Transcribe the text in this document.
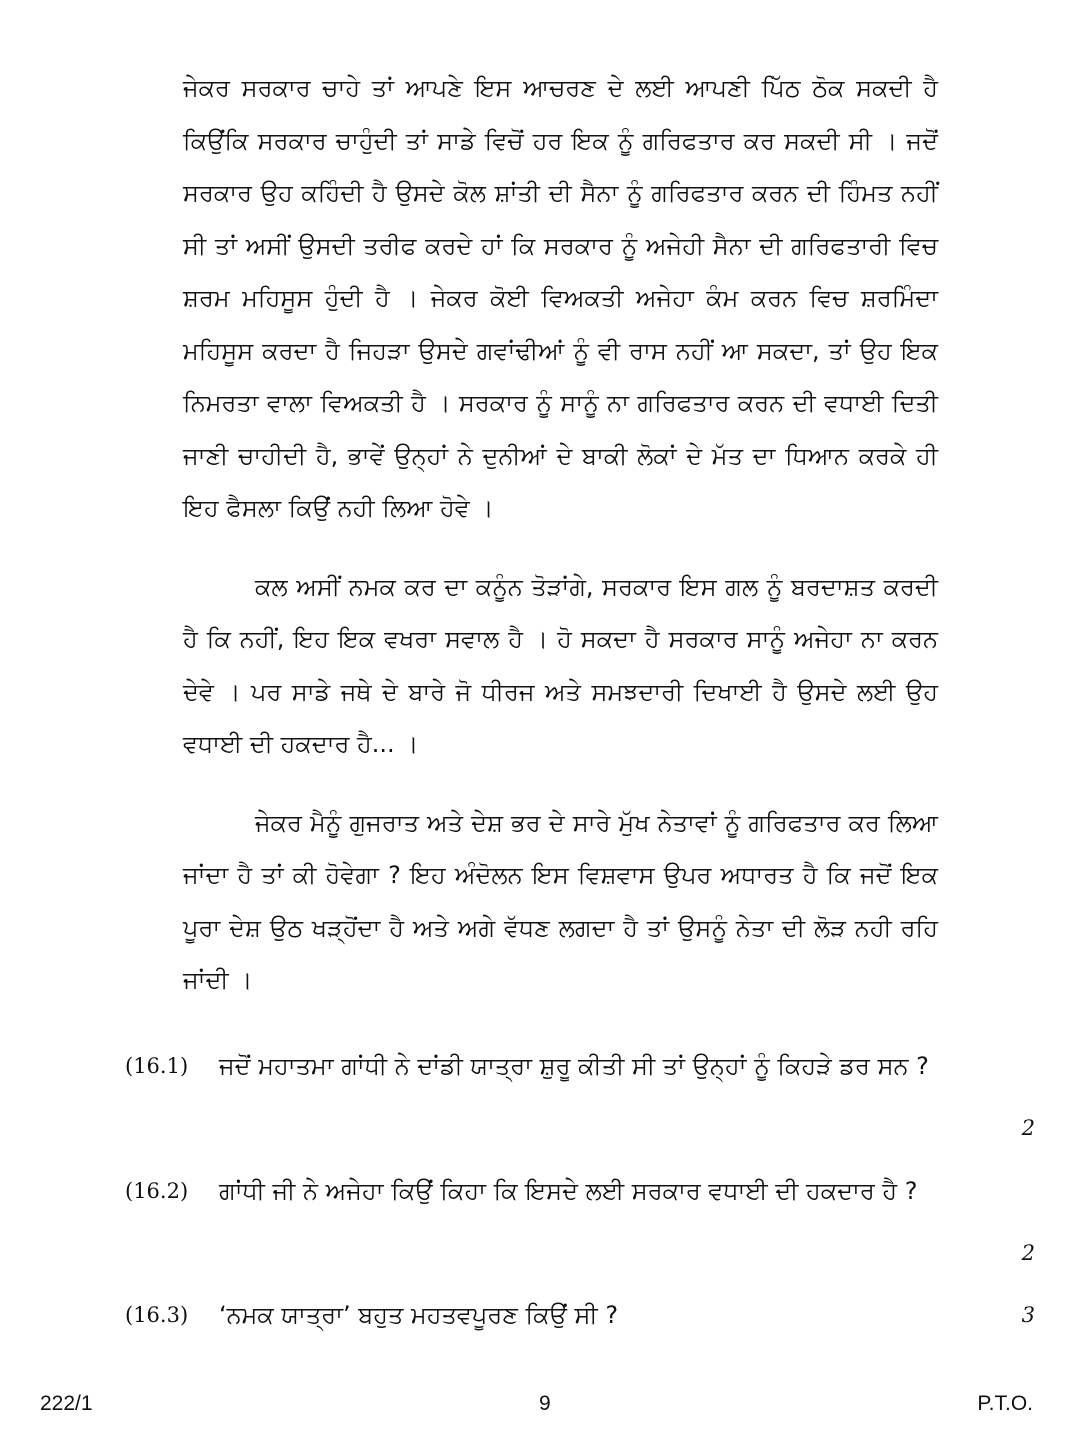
ਜੇਕਰ ਸਰਕਾਰ ਚਾਹੇ ਤਾਂ ਆਪਣੇ ਇਸ ਆਚਰਣ ਦੇ ਲਈ ਆਪਣੀ ਪਿੱਠ ਠੋਕ ਸਕਦੀ ਹੈ ਕਿਉਂਕਿ ਸਰਕਾਰ ਚਾਹੁੰਦੀ ਤਾਂ ਸਾਡੇ ਵਿਚੋਂ ਹਰ ਇਕ ਨੂੰ ਗਰਿਫਤਾਰ ਕਰ ਸਕਦੀ ਸੀ । ਜਦੋਂ ਸਰਕਾਰ ਉਹ ਕਹਿੰਦੀ ਹੈ ਉਸਦੇ ਕੋਲ ਸ਼ਾਂਤੀ ਦੀ ਸੈਨਾ ਨੂੰ ਗਰਿਫਤਾਰ ਕਰਨ ਦੀ ਹਿੰਮਤ ਨਹੀਂ ਸੀ ਤਾਂ ਅਸੀਂ ਉਸਦੀ ਤਰੀਫ ਕਰਦੇ ਹਾਂ ਕਿ ਸਰਕਾਰ ਨੂੰ ਅਜੇਹੀ ਸੈਨਾ ਦੀ ਗਰਿਫਤਾਰੀ ਵਿਚ ਸ਼ਰਮ ਮਹਿਸੂਸ ਹੁੰਦੀ ਹੈ । ਜੇਕਰ ਕੋਈ ਵਿਅਕਤੀ ਅਜੇਹਾ ਕੰਮ ਕਰਨ ਵਿਚ ਸ਼ਰਮਿੰਦਾ ਮਹਿਸੂਸ ਕਰਦਾ ਹੈ ਜਿਹੜਾ ਉਸਦੇ ਗਵਾਂਢੀਆਂ ਨੂੰ ਵੀ ਰਾਸ ਨਹੀਂ ਆ ਸਕਦਾ, ਤਾਂ ਉਹ ਇਕ ਨਿਮਰਤਾ ਵਾਲਾ ਵਿਅਕਤੀ ਹੈ । ਸਰਕਾਰ ਨੂੰ ਸਾਨੂੰ ਨਾ ਗਰਿਫਤਾਰ ਕਰਨ ਦੀ ਵਧਾਈ ਦਿਤੀ ਜਾਣੀ ਚਾਹੀਦੀ ਹੈ, ਭਾਵੇਂ ਉਨ੍ਹਾਂ ਨੇ ਦੁਨੀਆਂ ਦੇ ਬਾਕੀ ਲੋਕਾਂ ਦੇ ਮੱਤ ਦਾ ਧਿਆਨ ਕਰਕੇ ਹੀ ਇਹ ਫੈਸਲਾ ਕਿਉਂ ਨਹੀ ਲਿਆ ਹੋਵੇ ।

ਕਲ ਅਸੀਂ ਨਮਕ ਕਰ ਦਾ ਕਨੂੰਨ ਤੋੜਾਂਗੇ, ਸਰਕਾਰ ਇਸ ਗਲ ਨੂੰ ਬਰਦਾਸ਼ਤ ਕਰਦੀ ਹੈ ਕਿ ਨਹੀਂ, ਇਹ ਇਕ ਵਖਰਾ ਸਵਾਲ ਹੈ । ਹੋ ਸਕਦਾ ਹੈ ਸਰਕਾਰ ਸਾਨੂੰ ਅਜੇਹਾ ਨਾ ਕਰਨ ਦੇਵੇ । ਪਰ ਸਾਡੇ ਜਥੇ ਦੇ ਬਾਰੇ ਜੋ ਧੀਰਜ ਅਤੇ ਸਮਝਦਾਰੀ ਦਿਖਾਈ ਹੈ ਉਸਦੇ ਲਈ ਉਹ ਵਧਾਈ ਦੀ ਹਕਦਾਰ ਹੈ... ।

ਜੇਕਰ ਮੈਨੂੰ ਗੁਜਰਾਤ ਅਤੇ ਦੇਸ਼ ਭਰ ਦੇ ਸਾਰੇ ਮੁੱਖ ਨੇਤਾਵਾਂ ਨੂੰ ਗਰਿਫਤਾਰ ਕਰ ਲਿਆ ਜਾਂਦਾ ਹੈ ਤਾਂ ਕੀ ਹੋਵੇਗਾ ? ਇਹ ਅੰਦੋਲਨ ਇਸ ਵਿਸ਼ਵਾਸ ਉਪਰ ਅਧਾਰਤ ਹੈ ਕਿ ਜਦੋਂ ਇਕ ਪੂਰਾ ਦੇਸ਼ ਉਠ ਖੜ੍ਹੋਂਦਾ ਹੈ ਅਤੇ ਅਗੇ ਵੱਧਣ ਲਗਦਾ ਹੈ ਤਾਂ ਉਸਨੂੰ ਨੇਤਾ ਦੀ ਲੋੜ ਨਹੀ ਰਹਿ ਜਾਂਦੀ ।

(16.1) ਜਦੋਂ ਮਹਾਤਮਾ ਗਾਂਧੀ ਨੇ ਦਾਂਡੀ ਯਾਤ੍ਰਾ ਸ਼ੁਰੂ ਕੀਤੀ ਸੀ ਤਾਂ ਉਨ੍ਹਾਂ ਨੂੰ ਕਿਹੜੇ ਡਰ ਸਨ ?
2
(16.2) ਗਾਂਧੀ ਜੀ ਨੇ ਅਜੇਹਾ ਕਿਉਂ ਕਿਹਾ ਕਿ ਇਸਦੇ ਲਈ ਸਰਕਾਰ ਵਧਾਈ ਦੀ ਹਕਦਾਰ ਹੈ ?
2
(16.3) ‘ਨਮਕ ਯਾਤ੍ਰਾ’ ਬਹੁਤ ਮਹਤਵਪੂਰਣ ਕਿਉਂ ਸੀ ?	3
222/1	9	P.T.O.
